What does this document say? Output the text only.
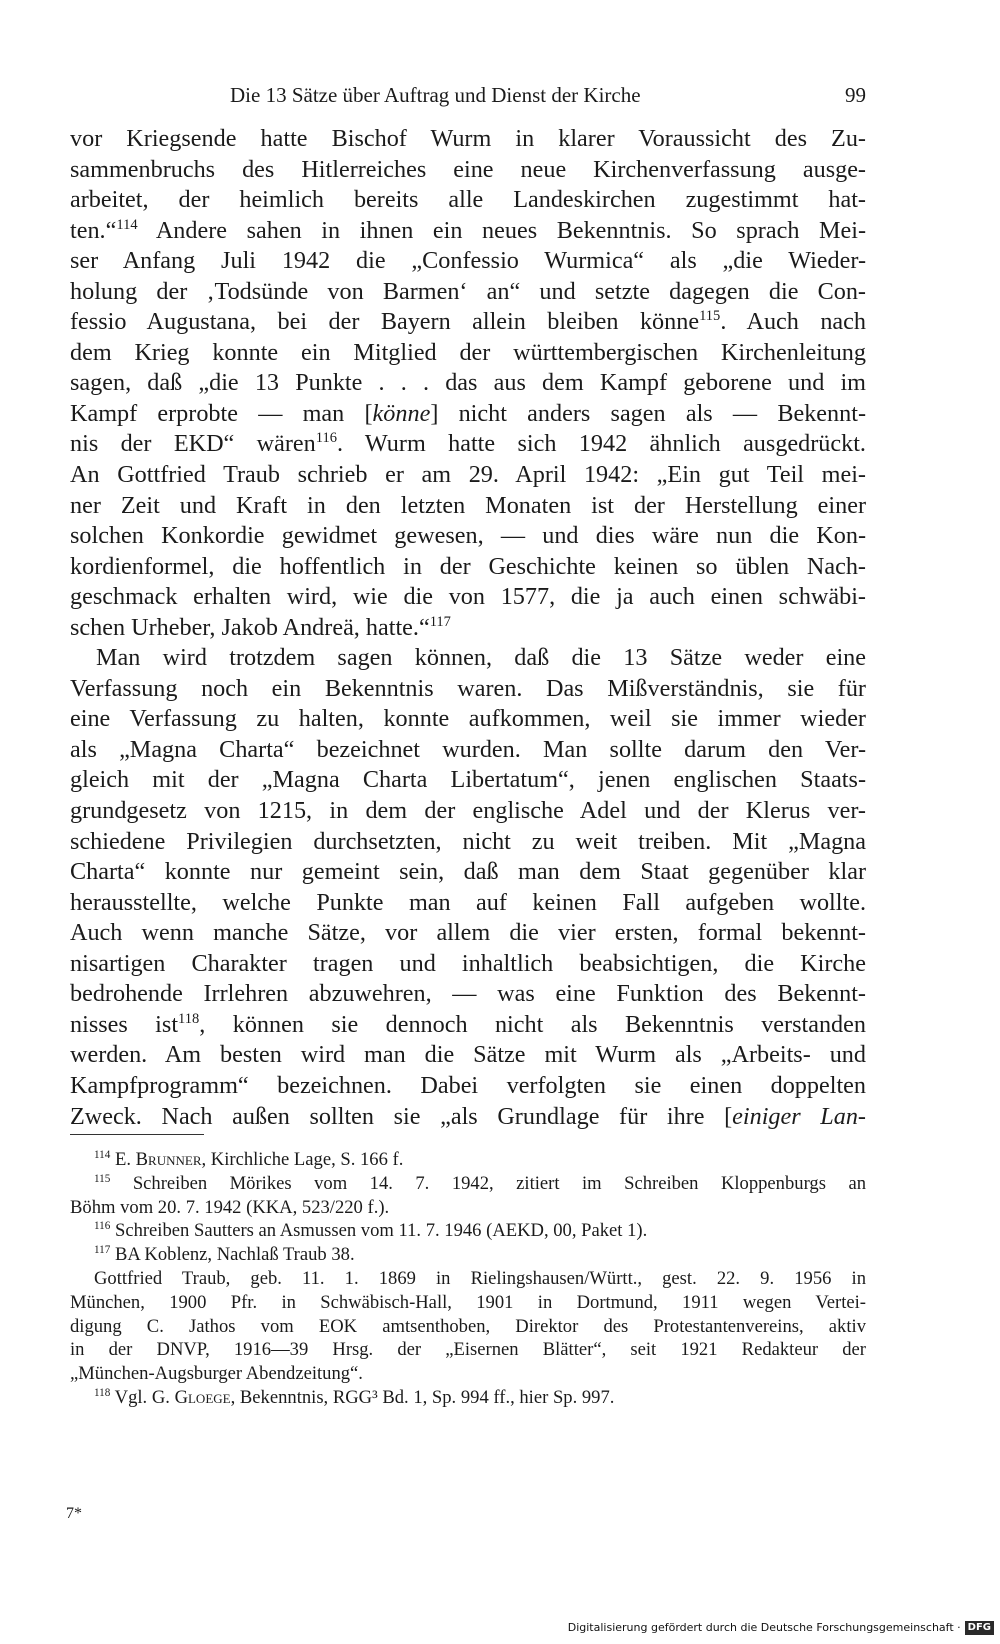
Die 13 Sätze über Auftrag und Dienst der Kirche	99
vor Kriegsende hatte Bischof Wurm in klarer Voraussicht des Zu-
sammenbruchs des Hitlerreiches eine neue Kirchenverfassung ausge-
arbeitet, der heimlich bereits alle Landeskirchen zugestimmt hat-
ten.“$^{114}$ Andere sahen in ihnen ein neues Bekenntnis. So sprach Mei-
ser Anfang Juli 1942 die „Confessio Wurmica“ als „die Wieder-
holung der ‚Todsünde von Barmen‘ an“ und setzte dagegen die Con-
fessio Augustana, bei der Bayern allein bleiben könne$^{115}$. Auch nach
dem Krieg konnte ein Mitglied der württembergischen Kirchenleitung
sagen, daß „die 13 Punkte . . . das aus dem Kampf geborene und im
Kampf erprobte — man [könne] nicht anders sagen als — Bekennt-
nis der EKD“ wären$^{116}$. Wurm hatte sich 1942 ähnlich ausgedrückt.
An Gottfried Traub schrieb er am 29. April 1942: „Ein gut Teil mei-
ner Zeit und Kraft in den letzten Monaten ist der Herstellung einer
solchen Konkordie gewidmet gewesen, — und dies wäre nun die Kon-
kordienformel, die hoffentlich in der Geschichte keinen so üblen Nach-
geschmack erhalten wird, wie die von 1577, die ja auch einen schwäbi-
schen Urheber, Jakob Andreä, hatte.“$^{117}$
Man wird trotzdem sagen können, daß die 13 Sätze weder eine
Verfassung noch ein Bekenntnis waren. Das Mißverständnis, sie für
eine Verfassung zu halten, konnte aufkommen, weil sie immer wieder
als „Magna Charta“ bezeichnet wurden. Man sollte darum den Ver-
gleich mit der „Magna Charta Libertatum“, jenen englischen Staats-
grundgesetz von 1215, in dem der englische Adel und der Klerus ver-
schiedene Privilegien durchsetzten, nicht zu weit treiben. Mit „Magna
Charta“ konnte nur gemeint sein, daß man dem Staat gegenüber klar
herausstellte, welche Punkte man auf keinen Fall aufgeben wollte.
Auch wenn manche Sätze, vor allem die vier ersten, formal bekennt-
nisartigen Charakter tragen und inhaltlich beabsichtigen, die Kirche
bedrohende Irrlehren abzuwehren, — was eine Funktion des Bekennt-
nisses ist$^{118}$, können sie dennoch nicht als Bekenntnis verstanden
werden. Am besten wird man die Sätze mit Wurm als „Arbeits- und
Kampfprogramm“ bezeichnen. Dabei verfolgten sie einen doppelten
Zweck. Nach außen sollten sie „als Grundlage für ihre [einiger Lan-
$^{114}$ E. Brunner, Kirchliche Lage, S. 166 f.
$^{115}$ Schreiben Mörikes vom 14. 7. 1942, zitiert im Schreiben Kloppenburgs an
Böhm vom 20. 7. 1942 (KKA, 523/220 f.).
$^{116}$ Schreiben Sautters an Asmussen vom 11. 7. 1946 (AEKD, 00, Paket 1).
$^{117}$ BA Koblenz, Nachlaß Traub 38.
Gottfried Traub, geb. 11. 1. 1869 in Rielingshausen/Württ., gest. 22. 9. 1956 in
München, 1900 Pfr. in Schwäbisch-Hall, 1901 in Dortmund, 1911 wegen Vertei-
digung C. Jathos vom EOK amtsenthoben, Direktor des Protestantenvereins, aktiv
in der DNVP, 1916—39 Hrsg. der „Eisernen Blätter“, seit 1921 Redakteur der
„München-Augsburger Abendzeitung“.
$^{118}$ Vgl. G. Gloege, Bekenntnis, RGG³ Bd. 1, Sp. 994 ff., hier Sp. 997.
7*
Digitalisierung gefördert durch die Deutsche Forschungsgemeinschaft · DFG
